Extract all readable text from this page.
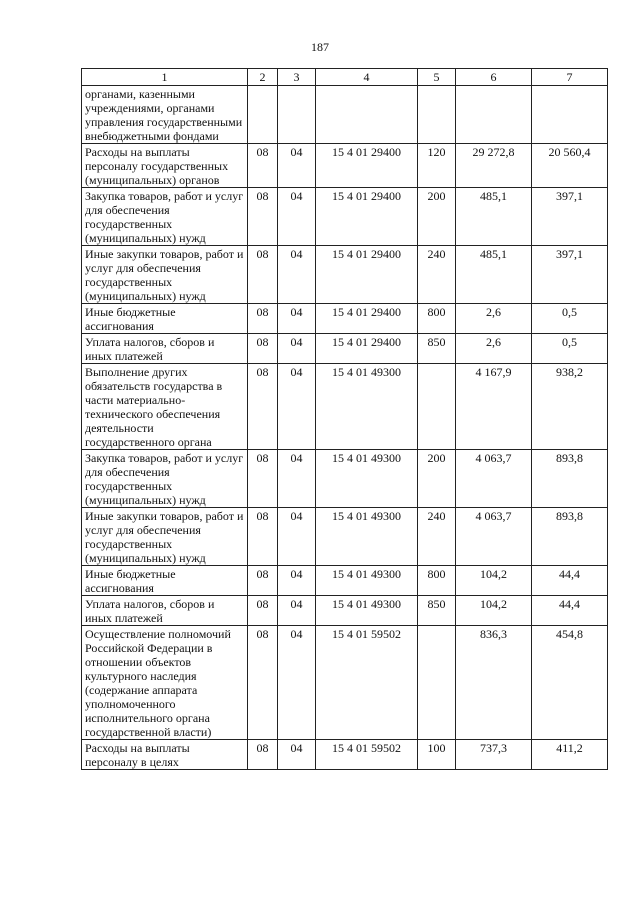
187
1	2	3	4	5	6	7
органами, казенными учреждениями, органами управления государственными внебюджетными фондами						
Расходы на выплаты персоналу государственных (муниципальных) органов	08	04	15 4 01 29400	120	29 272,8	20 560,4
Закупка товаров, работ и услуг для обеспечения государственных (муниципальных) нужд	08	04	15 4 01 29400	200	485,1	397,1
Иные закупки товаров, работ и услуг для обеспечения государственных (муниципальных) нужд	08	04	15 4 01 29400	240	485,1	397,1
Иные бюджетные ассигнования	08	04	15 4 01 29400	800	2,6	0,5
Уплата налогов, сборов и иных платежей	08	04	15 4 01 29400	850	2,6	0,5
Выполнение других обязательств государства в части материально-технического обеспечения деятельности государственного органа	08	04	15 4 01 49300		4 167,9	938,2
Закупка товаров, работ и услуг для обеспечения государственных (муниципальных) нужд	08	04	15 4 01 49300	200	4 063,7	893,8
Иные закупки товаров, работ и услуг для обеспечения государственных (муниципальных) нужд	08	04	15 4 01 49300	240	4 063,7	893,8
Иные бюджетные ассигнования	08	04	15 4 01 49300	800	104,2	44,4
Уплата налогов, сборов и иных платежей	08	04	15 4 01 49300	850	104,2	44,4
Осуществление полномочий Российской Федерации в отношении объектов культурного наследия (содержание аппарата уполномоченного исполнительного органа государственной власти)	08	04	15 4 01 59502		836,3	454,8
Расходы на выплаты персоналу в целях	08	04	15 4 01 59502	100	737,3	411,2
